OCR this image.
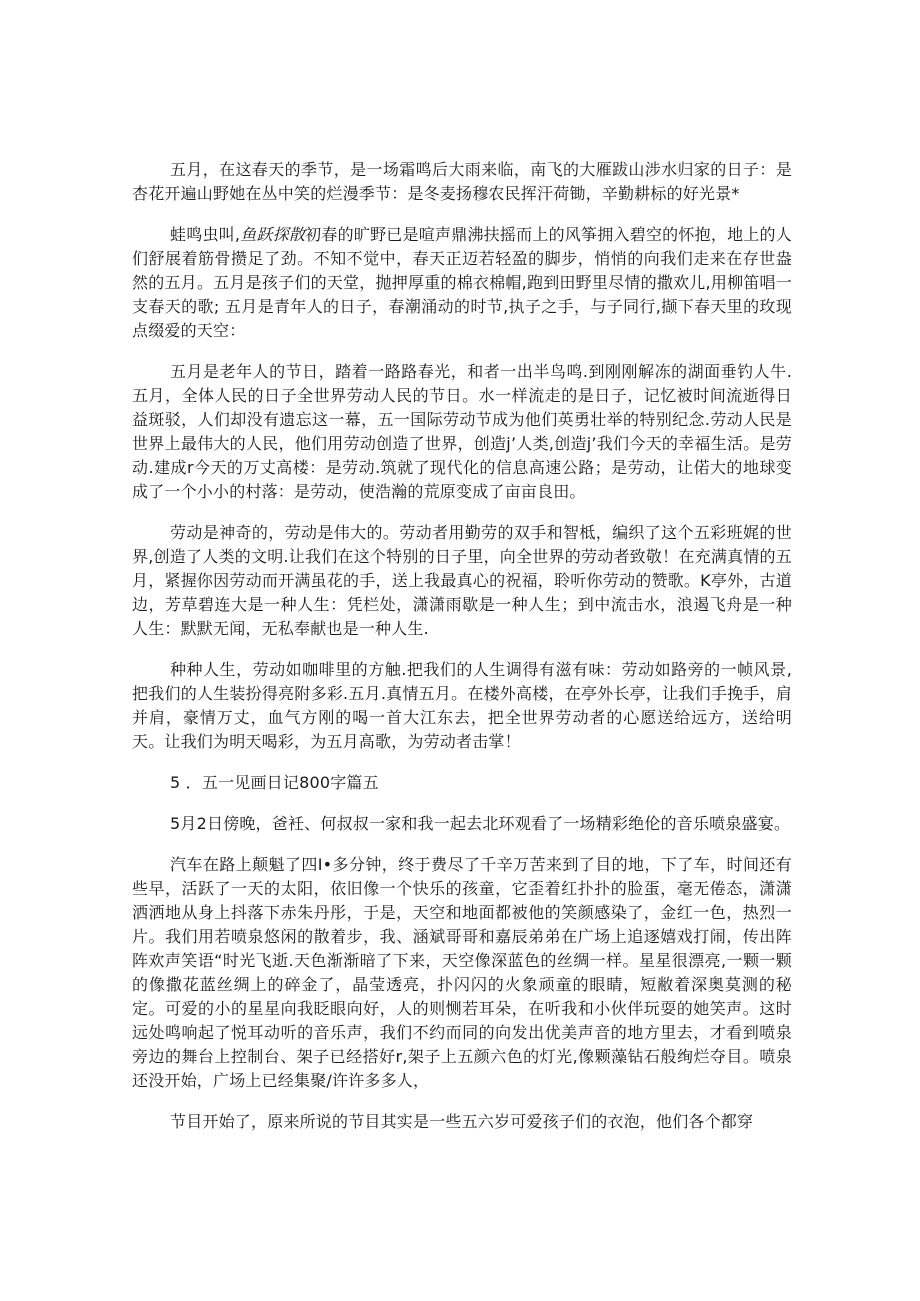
五月，在这春天的季节，是一场霜鸣后大雨来临，南飞的大雁跋山涉水归家的日子：是杏花开遍山野她在丛中笑的烂漫季节：是冬麦扬穆农民挥汗荷锄，辛勤耕标的好光景*

蛙鸣虫叫,鱼跃探散初春的旷野已是喧声鼎沸扶摇而上的风筝拥入碧空的怀抱，地上的人们舒展着筋骨攒足了劲。不知不觉中，春天正迈若轻盈的脚步，悄悄的向我们走来在存世盎然的五月。五月是孩子们的天堂，抛押厚重的棉衣棉帽,跑到田野里尽情的撒欢儿,用柳笛唱一支春天的歌; 五月是青年人的日子，春潮涌动的时节,执子之手，与子同行,撷下春天里的玫现点缀爱的天空：

五月是老年人的节日，踏着一路路春光，和者一出半鸟鸣.到刚刚解冻的湖面垂钓人牛.五月，全体人民的日子全世界劳动人民的节日。水一样流走的是日子，记忆被时间流逝得日益斑驳，人们却没有遗忘这一幕，五一国际劳动节成为他们英勇壮举的特别纪念.劳动人民是世界上最伟大的人民，他们用劳动创造了世界，创造j’人类,创造j’我们今天的幸福生活。是劳动.建成r今天的万丈高楼：是劳动.筑就了现代化的信息高速公路；是劳动，让偌大的地球变成了一个小小的村落：是劳动，使浩瀚的荒原变成了亩亩良田。

劳动是神奇的，劳动是伟大的。劳动者用勤劳的双手和智柢，编织了这个五彩班娓的世界,创造了人类的文明.让我们在这个特别的日子里，向全世界的劳动者致敬！在充满真情的五月，紧握你因劳动而开满虽花的手，送上我最真心的祝福，聆听你劳动的赞歌。K亭外，古道边，芳草碧连大是一种人生：凭栏处，潇潇雨歇是一种人生；到中流击水，浪遏飞舟是一种人生：默默无闻，无私奉献也是一种人生.

种种人生，劳动如咖啡里的方触.把我们的人生调得有滋有味：劳动如路旁的一帧风景,把我们的人生装扮得亮附多彩.五月.真情五月。在楼外高楼，在亭外长亭，让我们手挽手，肩并肩，豪情万丈，血气方刚的喝一首大江东去，把全世界劳动者的心愿送给远方，送给明天。让我们为明天喝彩，为五月高歌，为劳动者击掌！

5 ．五一见画日记800字篇五

5月2日傍晚，爸衽、何叔叔一家和我一起去北环观看了一场精彩绝伦的音乐喷泉盛宴。

汽车在路上颠魁了四I•多分钟，终于费尽了千辛万苦来到了目的地，下了车，时间还有些早，活跃了一天的太阳，依旧像一个快乐的孩童，它歪着红扑扑的脸蛋，毫无倦态，潇潇洒洒地从身上抖落下赤朱丹彤，于是，天空和地面都被他的笑颜感染了，金红一色，热烈一片。我们用若喷泉悠闲的散着步，我、涵斌哥哥和嘉辰弟弟在广场上追逐嬉戏打闹，传出阵阵欢声笑语“时光飞逝.天色渐渐暗了下来，天空像深蓝色的丝绸一样。星星很漂亮,一颗一颗的像撒花蓝丝绸上的碎金了，晶莹透亮，扑闪闪的火象顽童的眼睛，短敝着深奥莫测的秘定。可爱的小的星星向我眨眼向好，人的则恻若耳朵，在听我和小伙伴玩耍的她笑声。这时远处鸣响起了悦耳动听的音乐声，我们不约而同的向发出优美声音的地方里去，才看到喷泉旁边的舞台上控制台、架子已经搭好r,架子上五颜六色的灯光,像颗藻钻石般绚烂夺目。喷泉还没开始，广场上已经集聚/许许多多人，

节目开始了，原来所说的节目其实是一些五六岁可爱孩子们的衣泡，他们各个都穿
